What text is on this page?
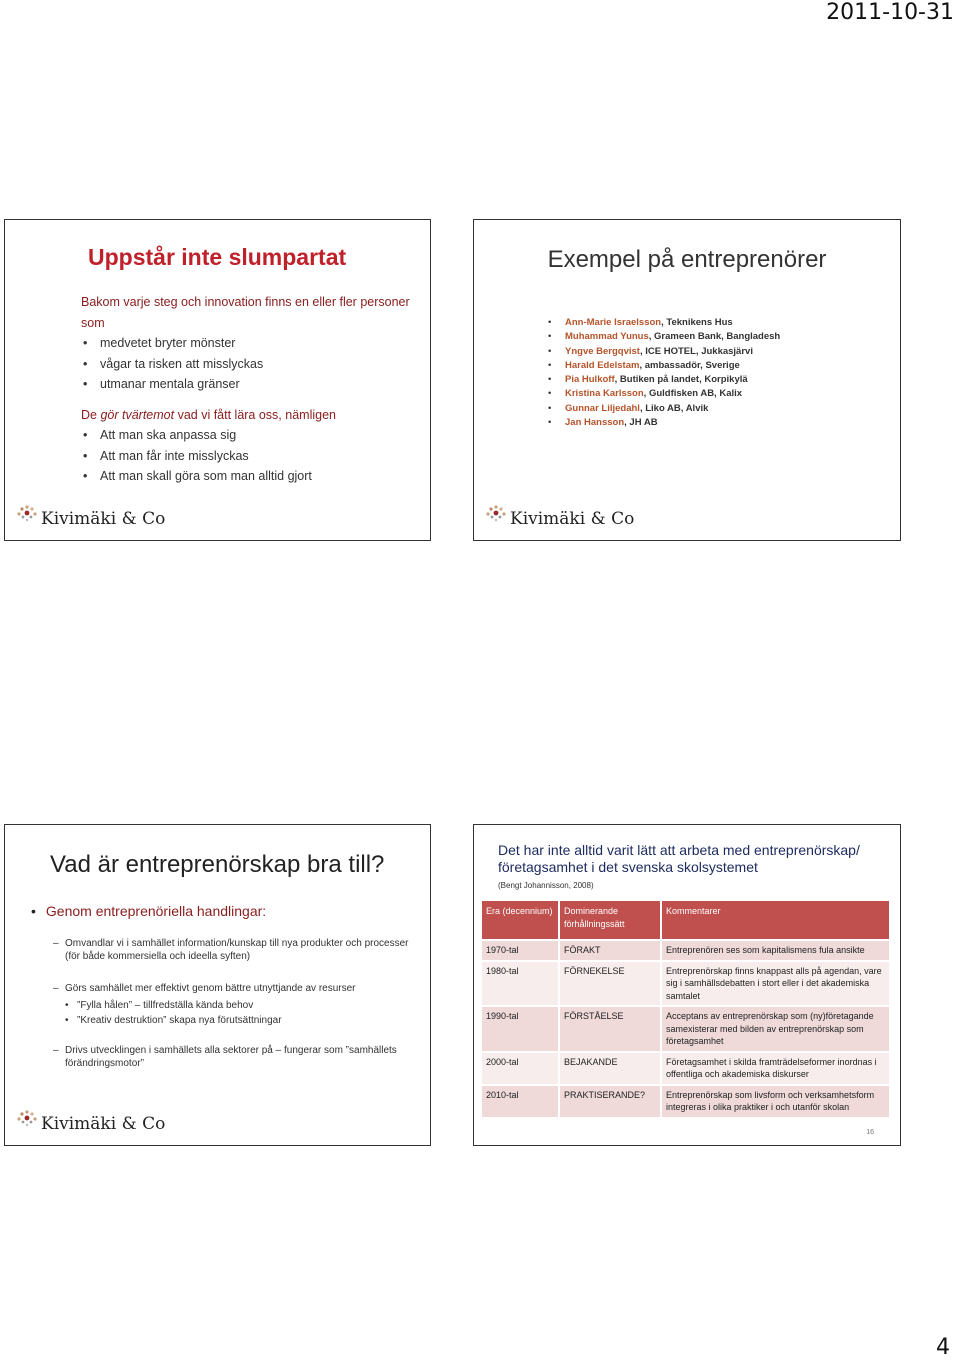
2011-10-31
Uppstår inte slumpartat
Bakom varje steg och innovation finns en eller fler personer som
• medvetet bryter mönster
• vågar ta risken att misslyckas
• utmanar mentala gränser
De gör tvärtemot vad vi fått lära oss, nämligen
• Att man ska anpassa sig
• Att man får inte misslyckas
• Att man skall göra som man alltid gjort
Kivimäki & Co
Exempel på entreprenörer
• Ann-Marie Israelsson, Teknikens Hus
• Muhammad Yunus, Grameen Bank, Bangladesh
• Yngve Bergqvist, ICE HOTEL, Jukkasjärvi
• Harald Edelstam, ambassadör, Sverige
• Pia Hulkoff, Butiken på landet, Korpikylä
• Kristina Karlsson, Guldfisken AB, Kalix
• Gunnar Liljedahl, Liko AB, Alvik
• Jan Hansson, JH AB
Kivimäki & Co
Vad är entreprenörskap bra till?
• Genom entreprenöriella handlingar:
– Omvandlar vi i samhället information/kunskap till nya produkter och processer (för både kommersiella och ideella syften)
– Görs samhället mer effektivt genom bättre utnyttjande av resurser
• ”Fylla hålen” – tillfredställa kända behov
• ”Kreativ destruktion” skapa nya förutsättningar
– Drivs utvecklingen i samhällets alla sektorer på – fungerar som ”samhällets förändringsmotor”
Kivimäki & Co
Det har inte alltid varit lätt att arbeta med entreprenörskap/ företagsamhet i det svenska skolsystemet
(Bengt Johannisson, 2008)
Era (decennium)	Dominerande förhållningssätt	Kommentarer
1970-tal	FÖRAKT	Entreprenören ses som kapitalismens fula ansikte
1980-tal	FÖRNEKELSE	Entreprenörskap finns knappast alls på agendan, vare sig i samhällsdebatten i stort eller i det akademiska samtalet
1990-tal	FÖRSTÅELSE	Acceptans av entreprenörskap som (ny)företagande samexisterar med bilden av entreprenörskap som företagsamhet
2000-tal	BEJAKANDE	Företagsamhet i skilda framträdelseformer inordnas i offentliga och akademiska diskurser
2010-tal	PRAKTISERANDE?	Entreprenörskap som livsform och verksamhetsform integreras i olika praktiker i och utanför skolan
16
4
